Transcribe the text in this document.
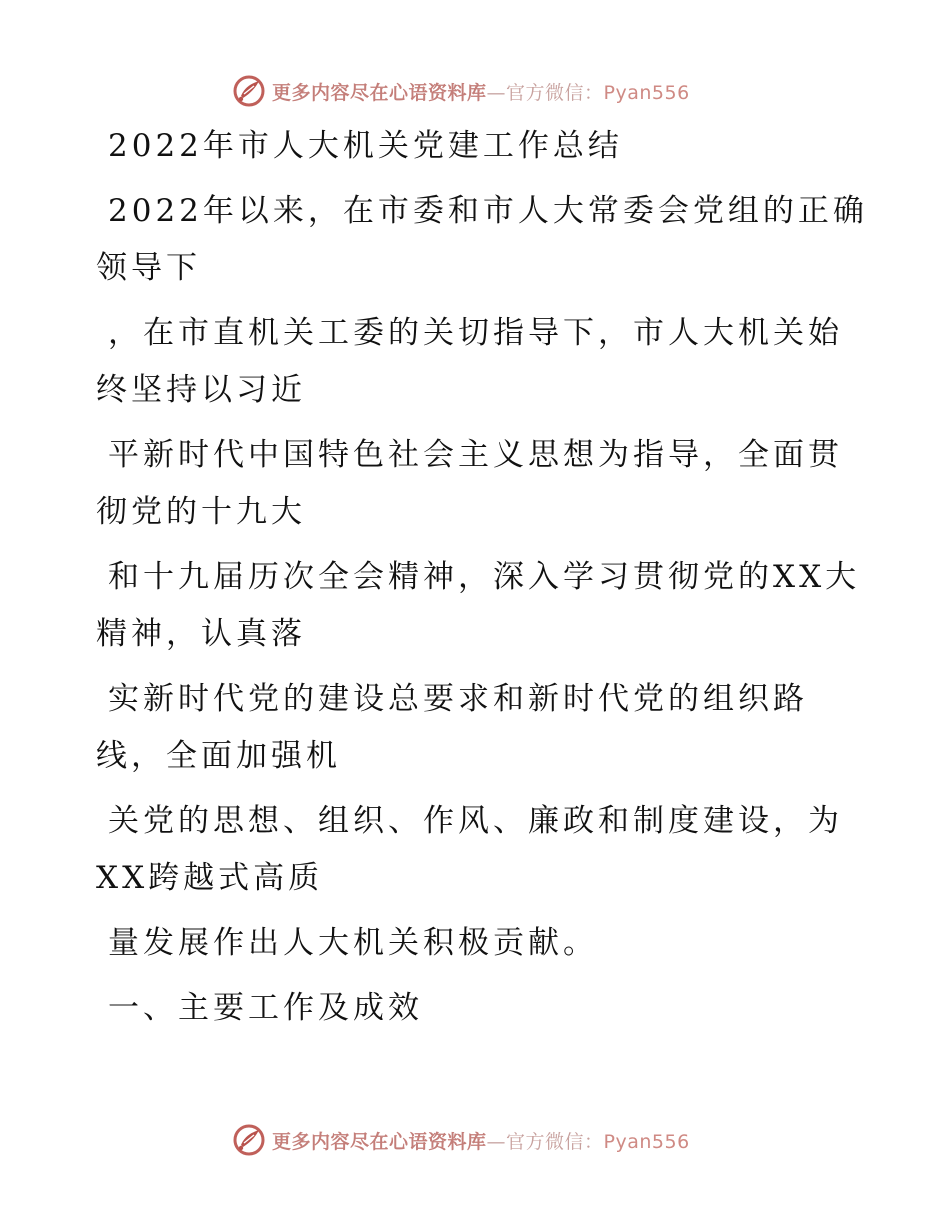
更多内容尽在心语资料库—官方微信：Pyan556
2022年市人大机关党建工作总结
2022年以来，在市委和市人大常委会党组的正确
领导下
，在市直机关工委的关切指导下，市人大机关始
终坚持以习近
平新时代中国特色社会主义思想为指导，全面贯
彻党的十九大
和十九届历次全会精神，深入学习贯彻党的XX大
精神，认真落
实新时代党的建设总要求和新时代党的组织路
线，全面加强机
关党的思想、组织、作风、廉政和制度建设，为
XX跨越式高质
量发展作出人大机关积极贡献。
一、主要工作及成效
更多内容尽在心语资料库—官方微信：Pyan556
